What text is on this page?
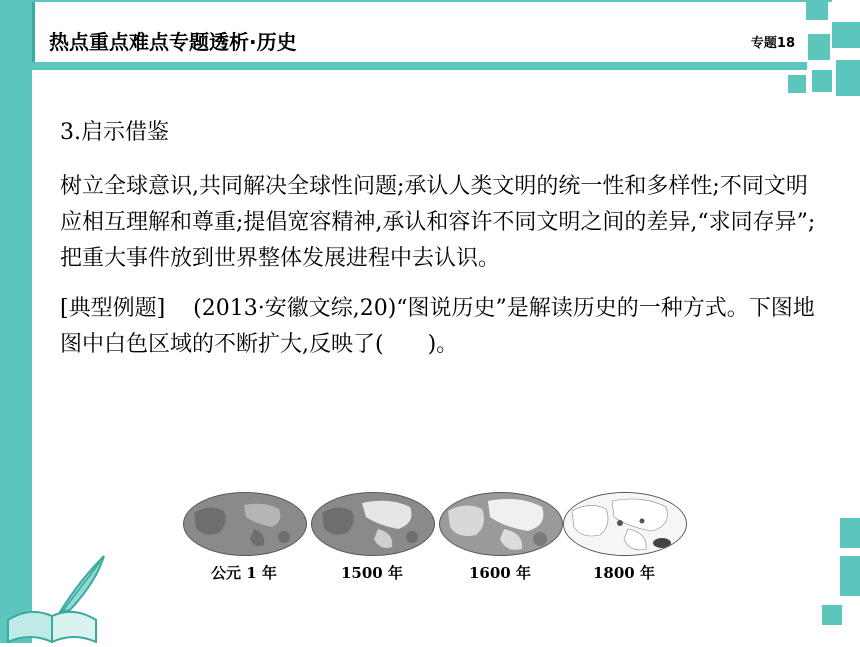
热点重点难点专题透析·历史	专题18

3.启示借鉴

树立全球意识,共同解决全球性问题;承认人类文明的统一性和多样性;不同文明应相互理解和尊重;提倡宽容精神,承认和容许不同文明之间的差异,“求同存异”;把重大事件放到世界整体发展进程中去认识。

[典型例题] (2013·安徽文综,20)“图说历史”是解读历史的一种方式。下图地图中白色区域的不断扩大,反映了(　　)。

公元 1 年	1500 年	1600 年	1800 年
